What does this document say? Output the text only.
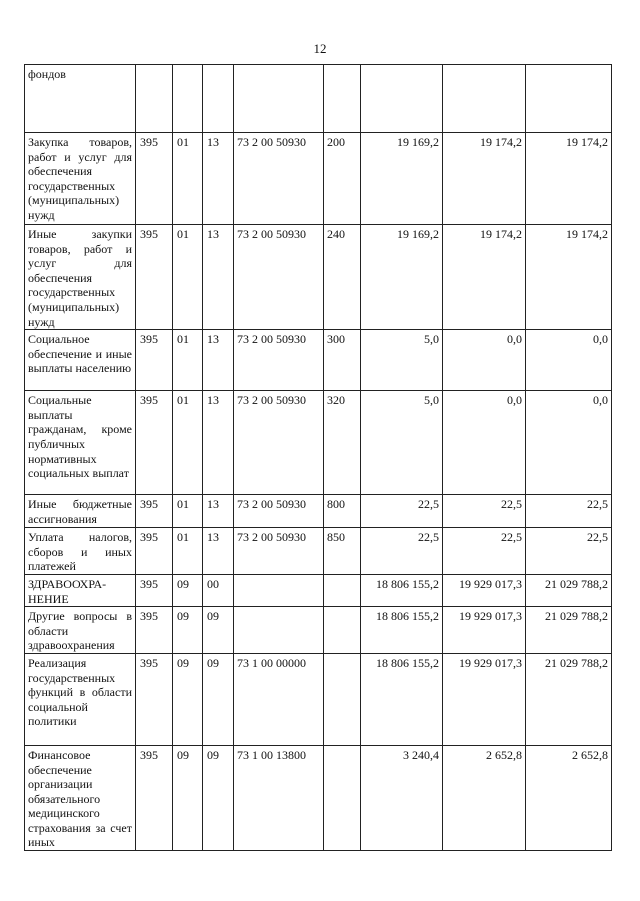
12
фондов								
Закупка товаров, работ и услуг для обеспечения государственных (муниципальных) нужд	395	01	13	73 2 00 50930	200	19 169,2	19 174,2	19 174,2
Иные закупки товаров, работ и услуг для обеспечения государственных (муниципальных) нужд	395	01	13	73 2 00 50930	240	19 169,2	19 174,2	19 174,2
Социальное обеспечение и иные выплаты населению	395	01	13	73 2 00 50930	300	5,0	0,0	0,0
Социальные выплаты гражданам, кроме публичных нормативных социальных выплат	395	01	13	73 2 00 50930	320	5,0	0,0	0,0
Иные бюджетные ассигнования	395	01	13	73 2 00 50930	800	22,5	22,5	22,5
Уплата налогов, сборов и иных платежей	395	01	13	73 2 00 50930	850	22,5	22,5	22,5
ЗДРАВООХРА-НЕНИЕ	395	09	00			18 806 155,2	19 929 017,3	21 029 788,2
Другие вопросы в области здравоохранения	395	09	09			18 806 155,2	19 929 017,3	21 029 788,2
Реализация государственных функций в области социальной политики	395	09	09	73 1 00 00000		18 806 155,2	19 929 017,3	21 029 788,2
Финансовое обеспечение организации обязательного медицинского страхования за счет иных	395	09	09	73 1 00 13800		3 240,4	2 652,8	2 652,8
